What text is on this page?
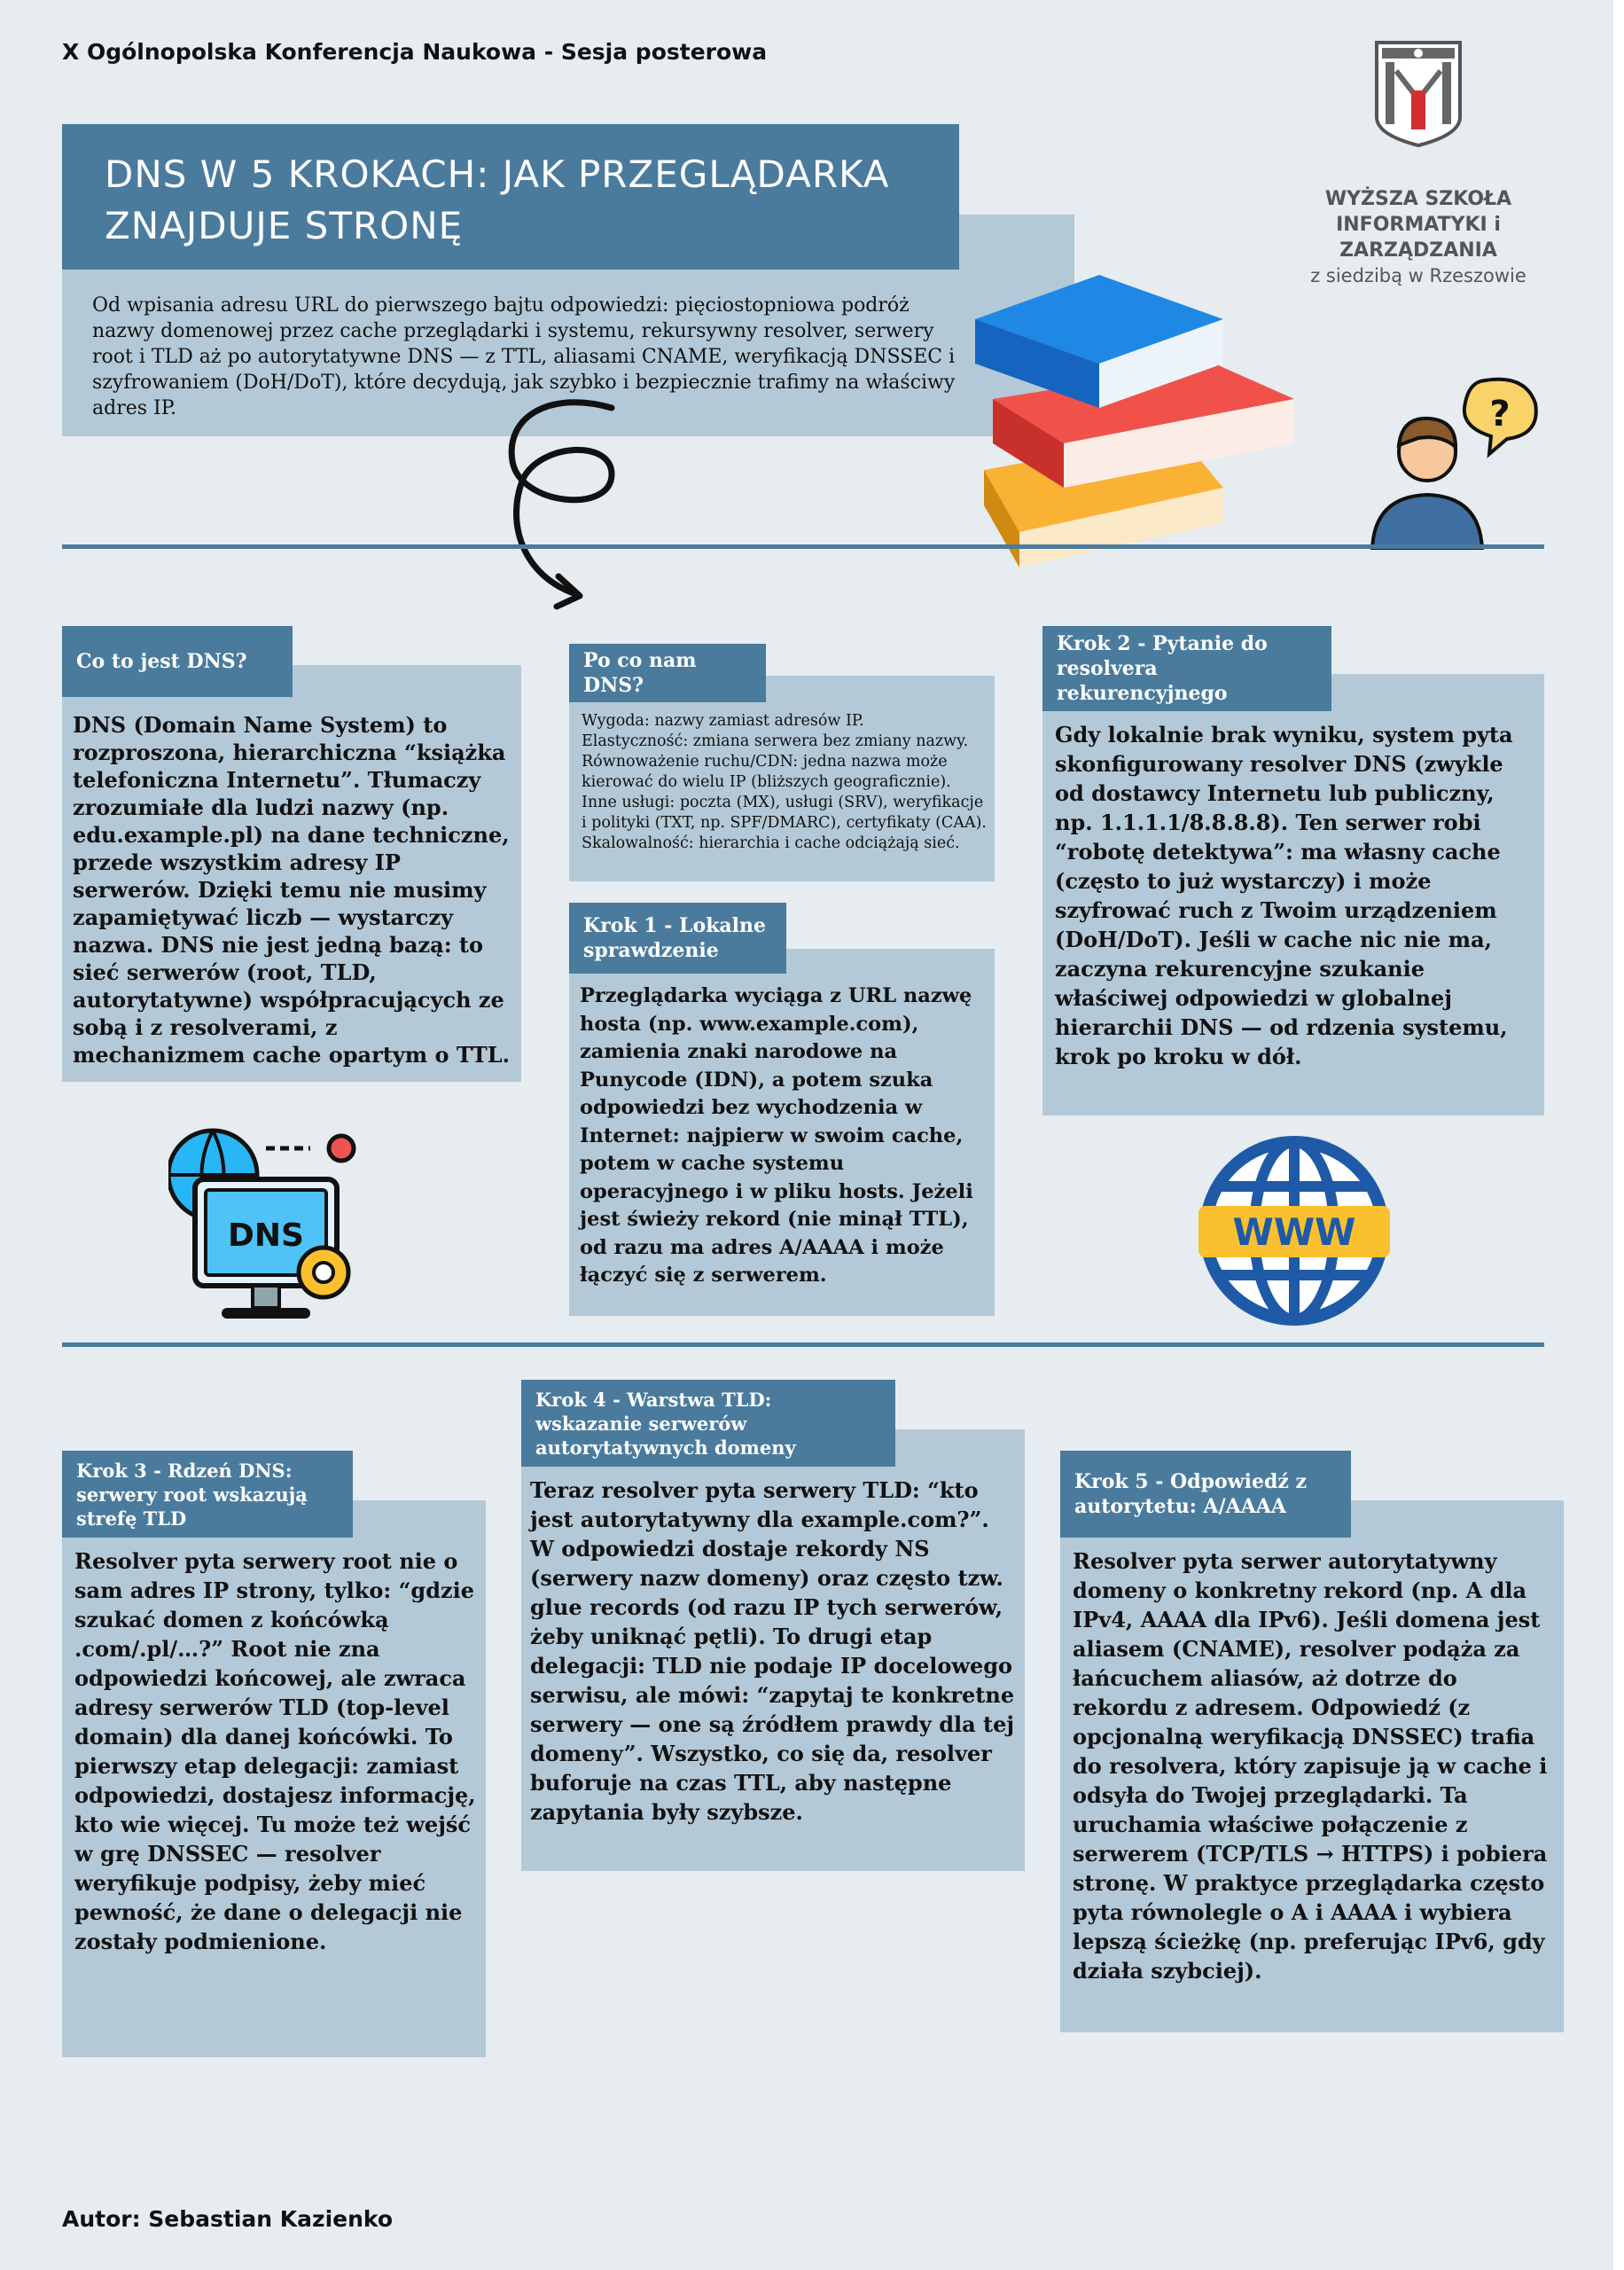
X Ogólnopolska Konferencja Naukowa - Sesja posterowa
WYŻSZA SZKOŁA
INFORMATYKI i ZARZĄDZANIA
z siedzibą w Rzeszowie
DNS W 5 KROKACH: JAK PRZEGLĄDARKA
ZNAJDUJE STRONĘ
Od wpisania adresu URL do pierwszego bajtu odpowiedzi: pięciostopniowa podróż nazwy domenowej przez cache przeglądarki i systemu, rekursywny resolver, serwery root i TLD aż po autorytatywne DNS — z TTL, aliasami CNAME, weryfikacją DNSSEC i szyfrowaniem (DoH/DoT), które decydują, jak szybko i bezpiecznie trafimy na właściwy adres IP.	?
Co to jest DNS?
DNS (Domain Name System) to rozproszona, hierarchiczna “książka telefoniczna Internetu”. Tłumaczy zrozumiałe dla ludzi nazwy (np. edu.example.pl) na dane techniczne, przede wszystkim adresy IP serwerów. Dzięki temu nie musimy zapamiętywać liczb — wystarczy nazwa. DNS nie jest jedną bazą: to sieć serwerów (root, TLD, autorytatywne) współpracujących ze sobą i z resolverami, z mechanizmem cache opartym o TTL.
Po co nam DNS?
Wygoda: nazwy zamiast adresów IP.
Elastyczność: zmiana serwera bez zmiany nazwy.
Równoważenie ruchu/CDN: jedna nazwa może kierować do wielu IP (bliższych geograficznie).
Inne usługi: poczta (MX), usługi (SRV), weryfikacje i polityki (TXT, np. SPF/DMARC), certyfikaty (CAA).
Skalowalność: hierarchia i cache odciążają sieć.
Krok 1 - Lokalne sprawdzenie
Przeglądarka wyciąga z URL nazwę hosta (np. www.example.com), zamienia znaki narodowe na Punycode (IDN), a potem szuka odpowiedzi bez wychodzenia w Internet: najpierw w swoim cache, potem w cache systemu operacyjnego i w pliku hosts. Jeżeli jest świeży rekord (nie minął TTL), od razu ma adres A/AAAA i może łączyć się z serwerem.
Krok 2 - Pytanie do resolvera rekurencyjnego
Gdy lokalnie brak wyniku, system pyta skonfigurowany resolver DNS (zwykle od dostawcy Internetu lub publiczny, np. 1.1.1.1/8.8.8.8). Ten serwer robi “robotę detektywa”: ma własny cache (często to już wystarczy) i może szyfrować ruch z Twoim urządzeniem (DoH/DoT). Jeśli w cache nic nie ma, zaczyna rekurencyjne szukanie właściwej odpowiedzi w globalnej hierarchii DNS — od rdzenia systemu, krok po kroku w dół.
DNS	WWW
Krok 3 - Rdzeń DNS: serwery root wskazują strefę TLD
Resolver pyta serwery root nie o sam adres IP strony, tylko: “gdzie szukać domen z końcówką .com/.pl/…?” Root nie zna odpowiedzi końcowej, ale zwraca adresy serwerów TLD (top-level domain) dla danej końcówki. To pierwszy etap delegacji: zamiast odpowiedzi, dostajesz informację, kto wie więcej. Tu może też wejść w grę DNSSEC — resolver weryfikuje podpisy, żeby mieć pewność, że dane o delegacji nie zostały podmienione.
Krok 4 - Warstwa TLD: wskazanie serwerów autorytatywnych domeny
Teraz resolver pyta serwery TLD: “kto jest autorytatywny dla example.com?”. W odpowiedzi dostaje rekordy NS (serwery nazw domeny) oraz często tzw. glue records (od razu IP tych serwerów, żeby uniknąć pętli). To drugi etap delegacji: TLD nie podaje IP docelowego serwisu, ale mówi: “zapytaj te konkretne serwery — one są źródłem prawdy dla tej domeny”. Wszystko, co się da, resolver buforuje na czas TTL, aby następne zapytania były szybsze.
Krok 5 - Odpowiedź z autorytetu: A/AAAA
Resolver pyta serwer autorytatywny domeny o konkretny rekord (np. A dla IPv4, AAAA dla IPv6). Jeśli domena jest aliasem (CNAME), resolver podąża za łańcuchem aliasów, aż dotrze do rekordu z adresem. Odpowiedź (z opcjonalną weryfikacją DNSSEC) trafia do resolvera, który zapisuje ją w cache i odsyła do Twojej przeglądarki. Ta uruchamia właściwe połączenie z serwerem (TCP/TLS → HTTPS) i pobiera stronę. W praktyce przeglądarka często pyta równolegle o A i AAAA i wybiera lepszą ścieżkę (np. preferując IPv6, gdy działa szybciej).
Autor: Sebastian Kazienko
